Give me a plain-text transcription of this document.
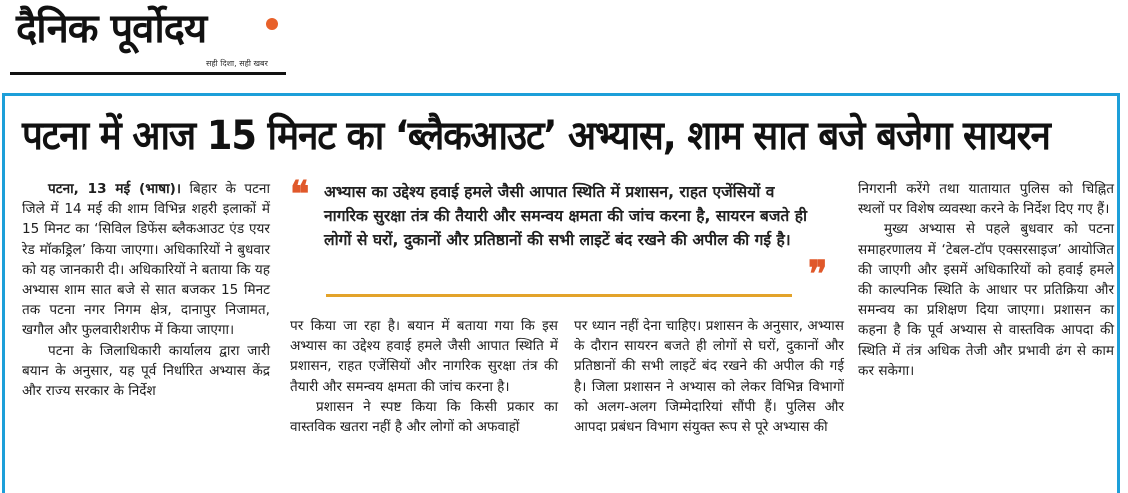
दैनिक पूर्वोदय
सही दिशा, सही खबर
पटना में आज 15 मिनट का ‘ब्लैकआउट’ अभ्यास, शाम सात बजे बजेगा सायरन

पटना, 13 मई (भाषा)। बिहार के पटना जिले में 14 मई की शाम विभिन्न शहरी इलाकों में 15 मिनट का ‘सिविल डिफेंस ब्लैकआउट एंड एयर रेड मॉकड्रिल’ किया जाएगा। अधिकारियों ने बुधवार को यह जानकारी दी। अधिकारियों ने बताया कि यह अभ्यास शाम सात बजे से सात बजकर 15 मिनट तक पटना नगर निगम क्षेत्र, दानापुर निजामत, खगौल और फुलवारीशरीफ में किया जाएगा।

पटना के जिलाधिकारी कार्यालय द्वारा जारी बयान के अनुसार, यह पूर्व निर्धारित अभ्यास केंद्र और राज्य सरकार के निर्देश

❝ अभ्यास का उद्देश्य हवाई हमले जैसी आपात स्थिति में प्रशासन, राहत एजेंसियों व नागरिक सुरक्षा तंत्र की तैयारी और समन्वय क्षमता की जांच करना है, सायरन बजते ही लोगों से घरों, दुकानों और प्रतिष्ठानों की सभी लाइटें बंद रखने की अपील की गई है।
❞

पर किया जा रहा है। बयान में बताया गया कि इस अभ्यास का उद्देश्य हवाई हमले जैसी आपात स्थिति में प्रशासन, राहत एजेंसियों और नागरिक सुरक्षा तंत्र की तैयारी और समन्वय क्षमता की जांच करना है।

प्रशासन ने स्पष्ट किया कि किसी प्रकार का वास्तविक खतरा नहीं है और लोगों को अफवाहों

पर ध्यान नहीं देना चाहिए। प्रशासन के अनुसार, अभ्यास के दौरान सायरन बजते ही लोगों से घरों, दुकानों और प्रतिष्ठानों की सभी लाइटें बंद रखने की अपील की गई है। जिला प्रशासन ने अभ्यास को लेकर विभिन्न विभागों को अलग-अलग जिम्मेदारियां सौंपी हैं। पुलिस और आपदा प्रबंधन विभाग संयुक्त रूप से पूरे अभ्यास की

निगरानी करेंगे तथा यातायात पुलिस को चिह्नित स्थलों पर विशेष व्यवस्था करने के निर्देश दिए गए हैं।

मुख्य अभ्यास से पहले बुधवार को पटना समाहरणालय में ‘टेबल-टॉप एक्सरसाइज’ आयोजित की जाएगी और इसमें अधिकारियों को हवाई हमले की काल्पनिक स्थिति के आधार पर प्रतिक्रिया और समन्वय का प्रशिक्षण दिया जाएगा। प्रशासन का कहना है कि पूर्व अभ्यास से वास्तविक आपदा की स्थिति में तंत्र अधिक तेजी और प्रभावी ढंग से काम कर सकेगा।
